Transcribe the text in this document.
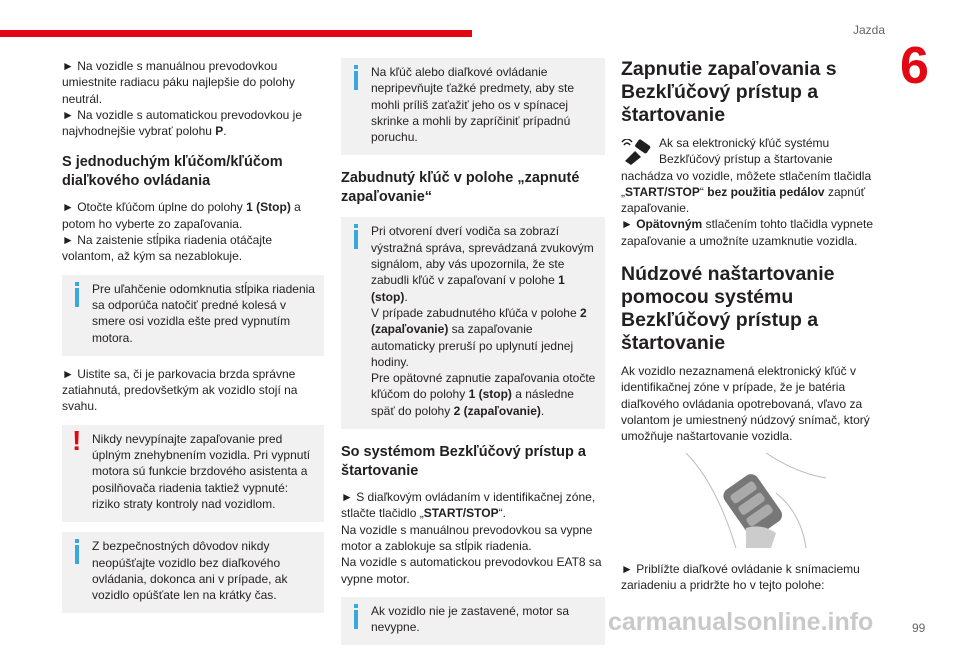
Jazda
6

► Na vozidle s manuálnou prevodovkou umiestnite radiacu páku najlepšie do polohy neutrál.

► Na vozidle s automatickou prevodovkou je najvhodnejšie vybrať polohu P.

S jednoduchým kľúčom/kľúčom diaľkového ovládania

► Otočte kľúčom úplne do polohy 1 (Stop) a potom ho vyberte zo zapaľovania.

► Na zaistenie stĺpika riadenia otáčajte volantom, až kým sa nezablokuje.

Pre uľahčenie odomknutia stĺpika riadenia sa odporúča natočiť predné kolesá v smere osi vozidla ešte pred vypnutím motora.

► Uistite sa, či je parkovacia brzda správne zatiahnutá, predovšetkým ak vozidlo stojí na svahu.

! Nikdy nevypínajte zapaľovanie pred úplným znehybnením vozidla. Pri vypnutí motora sú funkcie brzdového asistenta a posilňovača riadenia taktiež vypnuté: riziko straty kontroly nad vozidlom.
Z bezpečnostných dôvodov nikdy neopúšťajte vozidlo bez diaľkového ovládania, dokonca ani v prípade, ak vozidlo opúšťate len na krátky čas.
Na kľúč alebo diaľkové ovládanie nepripevňujte ťažké predmety, aby ste mohli príliš zaťažiť jeho os v spínacej skrinke a mohli by zapríčiniť prípadnú poruchu.
Zabudnutý kľúč v polohe „zapnuté zapaľovanie“
Pri otvorení dverí vodiča sa zobrazí výstražná správa, sprevádzaná zvukovým signálom, aby vás upozornila, že ste zabudli kľúč v zapaľovaní v polohe 1 (stop).
V prípade zabudnutého kľúča v polohe 2 (zapaľovanie) sa zapaľovanie automaticky preruší po uplynutí jednej hodiny.
Pre opätovné zapnutie zapaľovania otočte kľúčom do polohy 1 (stop) a následne späť do polohy 2 (zapaľovanie).
So systémom Bezkľúčový prístup a štartovanie

► S diaľkovým ovládaním v identifikačnej zóne, stlačte tlačidlo „START/STOP“.

Na vozidle s manuálnou prevodovkou sa vypne motor a zablokuje sa stĺpik riadenia.

Na vozidle s automatickou prevodovkou EAT8 sa vypne motor.

Ak vozidlo nie je zastavené, motor sa nevypne.
Zapnutie zapaľovania s Bezkľúčový prístup a štartovanie

Ak sa elektronický kľúč systému Bezkľúčový prístup a štartovanie nachádza vo vozidle, môžete stlačením tlačidla „START/STOP“ bez použitia pedálov zapnúť zapaľovanie.

► Opätovným stlačením tohto tlačidla vypnete zapaľovanie a umožníte uzamknutie vozidla.

Núdzové naštartovanie pomocou systému Bezkľúčový prístup a štartovanie

Ak vozidlo nezaznamená elektronický kľúč v identifikačnej zóne v prípade, že je batéria diaľkového ovládania opotrebovaná, vľavo za volantom je umiestnený núdzový snímač, ktorý umožňuje naštartovanie vozidla.

► Priblížte diaľkové ovládanie k snímaciemu zariadeniu a pridržte ho v tejto polohe:

99
carmanualsonline.info
